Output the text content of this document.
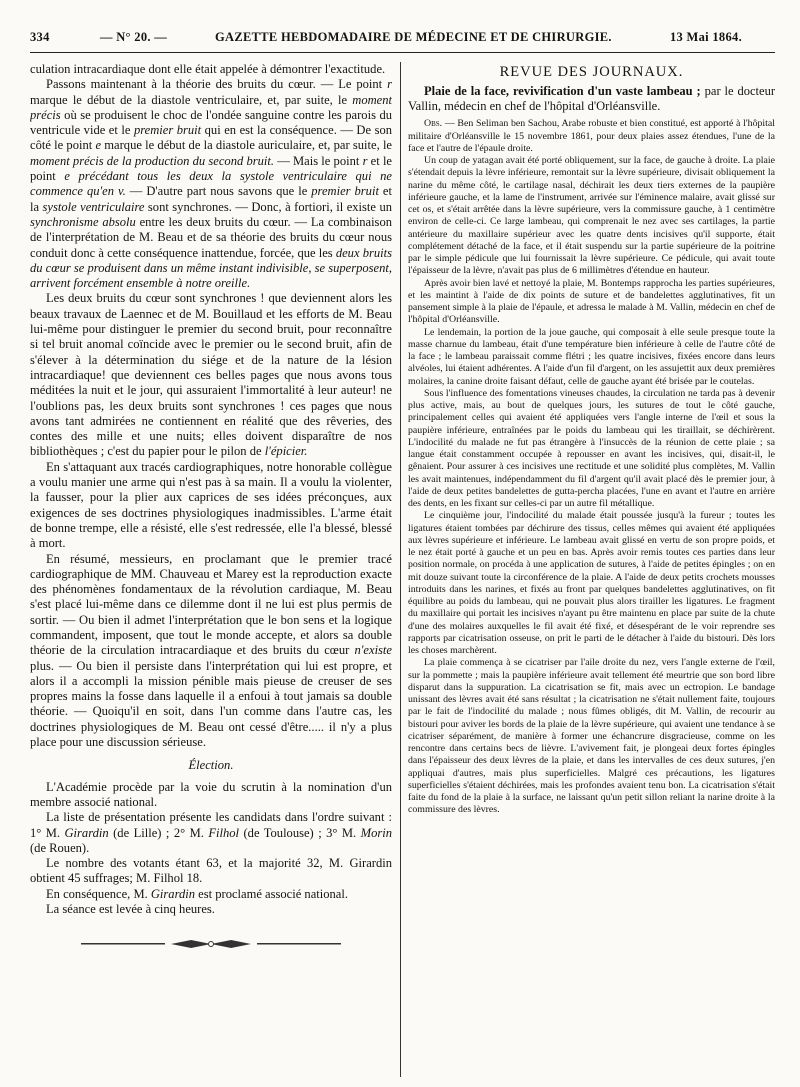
334	— N° 20. —	GAZETTE HEBDOMADAIRE DE MÉDECINE ET DE CHIRURGIE.	13 Mai 1864.

culation intracardiaque dont elle était appelée à démontrer l'exactitude.

Passons maintenant à la théorie des bruits du cœur. — Le point r marque le début de la diastole ventriculaire, et, par suite, le moment précis où se produisent le choc de l'ondée sanguine contre les parois du ventricule vide et le premier bruit qui en est la conséquence. — De son côté le point e marque le début de la diastole auriculaire, et, par suite, le moment précis de la production du second bruit. — Mais le point r et le point e précédant tous les deux la systole ventriculaire qui ne commence qu'en v. — D'autre part nous savons que le premier bruit et la systole ventriculaire sont synchrones. — Donc, à fortiori, il existe un synchronisme absolu entre les deux bruits du cœur. — La combinaison de l'interprétation de M. Beau et de sa théorie des bruits du cœur nous conduit donc à cette conséquence inattendue, forcée, que les deux bruits du cœur se produisent dans un même instant indivisible, se superposent, arrivent forcément ensemble à notre oreille.

Les deux bruits du cœur sont synchrones ! que deviennent alors les beaux travaux de Laennec et de M. Bouillaud et les efforts de M. Beau lui-même pour distinguer le premier du second bruit, pour reconnaître si tel bruit anomal coïncide avec le premier ou le second bruit, afin de s'élever à la détermination du siége et de la nature de la lésion intracardiaque! que deviennent ces belles pages que nous avons tous méditées la nuit et le jour, qui assuraient l'immortalité à leur auteur! ne l'oublions pas, les deux bruits sont synchrones ! ces pages que nous avons tant admirées ne contiennent en réalité que des rêveries, des contes des mille et une nuits; elles doivent disparaître de nos bibliothèques ; c'est du papier pour le pilon de l'épicier.

En s'attaquant aux tracés cardiographiques, notre honorable collègue a voulu manier une arme qui n'est pas à sa main. Il a voulu la violenter, la fausser, pour la plier aux caprices de ses idées préconçues, aux exigences de ses doctrines physiologiques inadmissibles. L'arme était de bonne trempe, elle a résisté, elle s'est redressée, elle l'a blessé, blessé à mort.

En résumé, messieurs, en proclamant que le premier tracé cardiographique de MM. Chauveau et Marey est la reproduction exacte des phénomènes fondamentaux de la révolution cardiaque, M. Beau s'est placé lui-même dans ce dilemme dont il ne lui est plus permis de sortir. — Ou bien il admet l'interprétation que le bon sens et la logique commandent, imposent, que tout le monde accepte, et alors sa double théorie de la circulation intracardiaque et des bruits du cœur n'existe plus. — Ou bien il persiste dans l'interprétation qui lui est propre, et alors il a accompli la mission pénible mais pieuse de creuser de ses propres mains la fosse dans laquelle il a enfoui à tout jamais sa double théorie. — Quoiqu'il en soit, dans l'un comme dans l'autre cas, les doctrines physiologiques de M. Beau ont cessé d'être..... il n'y a plus place pour une discussion sérieuse.

Élection.

L'Académie procède par la voie du scrutin à la nomination d'un membre associé national.

La liste de présentation présente les candidats dans l'ordre suivant : 1° M. Girardin (de Lille) ; 2° M. Filhol (de Toulouse) ; 3° M. Morin (de Rouen).

Le nombre des votants étant 63, et la majorité 32, M. Girardin obtient 45 suffrages; M. Filhol 18.

En conséquence, M. Girardin est proclamé associé national.

La séance est levée à cinq heures.

REVUE DES JOURNAUX.

Plaie de la face, revivification d'un vaste lambeau ; par le docteur Vallin, médecin en chef de l'hôpital d'Orléansville.

Obs. — Ben Seliman ben Sachou, Arabe robuste et bien constitué, est apporté à l'hôpital militaire d'Orléansville le 15 novembre 1861, pour deux plaies assez étendues, l'une de la face et l'autre de l'épaule droite.

Un coup de yatagan avait été porté obliquement, sur la face, de gauche à droite. La plaie s'étendait depuis la lèvre inférieure, remontait sur la lèvre supérieure, divisait obliquement la narine du même côté, le cartilage nasal, déchirait les deux tiers externes de la paupière inférieure gauche, et la lame de l'instrument, arrivée sur l'éminence malaire, avait glissé sur cet os, et s'était arrêtée dans la lèvre supérieure, vers la commissure gauche, à 1 centimètre environ de celle-ci. Ce large lambeau, qui comprenait le nez avec ses cartilages, la partie antérieure du maxillaire supérieur avec les quatre dents incisives qu'il supporte, était complétement détaché de la face, et il était suspendu sur la partie supérieure de la poitrine par le simple pédicule que lui fournissait la lèvre supérieure. Ce pédicule, qui avait toute l'épaisseur de la lèvre, n'avait pas plus de 6 millimètres d'étendue en hauteur.

Après avoir bien lavé et nettoyé la plaie, M. Bontemps rapprocha les parties supérieures, et les maintint à l'aide de dix points de suture et de bandelettes agglutinatives, fit un pansement simple à la plaie de l'épaule, et adressa le malade à M. Vallin, médecin en chef de l'hôpital d'Orléansville.

Le lendemain, la portion de la joue gauche, qui composait à elle seule presque toute la masse charnue du lambeau, était d'une température bien inférieure à celle de l'autre côté de la face ; le lambeau paraissait comme flétri ; les quatre incisives, fixées encore dans leurs alvéoles, lui étaient adhérentes. A l'aide d'un fil d'argent, on les assujettit aux deux premières molaires, la canine droite faisant défaut, celle de gauche ayant été brisée par le coutelas.

Sous l'influence des fomentations vineuses chaudes, la circulation ne tarda pas à devenir plus active, mais, au bout de quelques jours, les sutures de tout le côté gauche, principalement celles qui avaient été appliquées vers l'angle interne de l'œil et sous la paupière inférieure, entraînées par le poids du lambeau qui les tiraillait, se déchirèrent. L'indocilité du malade ne fut pas étrangère à l'insuccès de la réunion de cette plaie ; sa langue était constamment occupée à repousser en avant les incisives, qui, disait-il, le gênaient. Pour assurer à ces incisives une rectitude et une solidité plus complètes, M. Vallin les avait maintenues, indépendamment du fil d'argent qu'il avait placé dès le premier jour, à l'aide de deux petites bandelettes de gutta-percha placées, l'une en avant et l'autre en arrière des dents, en les fixant sur celles-ci par un autre fil métallique.

Le cinquième jour, l'indocilité du malade était poussée jusqu'à la fureur ; toutes les ligatures étaient tombées par déchirure des tissus, celles mêmes qui avaient été appliquées aux lèvres supérieure et inférieure. Le lambeau avait glissé en vertu de son propre poids, et le nez était porté à gauche et un peu en bas. Après avoir remis toutes ces parties dans leur position normale, on procéda à une application de sutures, à l'aide de petites épingles ; on en mit douze suivant toute la circonférence de la plaie. A l'aide de deux petits crochets mousses introduits dans les narines, et fixés au front par quelques bandelettes agglutinatives, on fit équilibre au poids du lambeau, qui ne pouvait plus alors tirailler les ligatures. Le fragment du maxillaire qui portait les incisives n'ayant pu être maintenu en place par suite de la chute d'une des molaires auxquelles le fil avait été fixé, et désespérant de le voir reprendre ses rapports par cicatrisation osseuse, on prit le parti de le détacher à l'aide du bistouri. Dès lors les choses marchèrent.

La plaie commença à se cicatriser par l'aile droite du nez, vers l'angle externe de l'œil, sur la pommette ; mais la paupière inférieure avait tellement été meurtrie que son bord libre disparut dans la suppuration. La cicatrisation se fit, mais avec un ectropion. Le bandage unissant des lèvres avait été sans résultat ; la cicatrisation ne s'était nullement faite, toujours par le fait de l'indocilité du malade ; nous fûmes obligés, dit M. Vallin, de recourir au bistouri pour aviver les bords de la plaie de la lèvre supérieure, qui avaient une tendance à se cicatriser séparément, de manière à former une échancrure disgracieuse, comme on les rencontre dans certains becs de lièvre. L'avivement fait, je plongeai deux fortes épingles dans l'épaisseur des deux lèvres de la plaie, et dans les intervalles de ces deux sutures, j'en appliquai d'autres, mais plus superficielles. Malgré ces précautions, les ligatures superficielles s'étaient déchirées, mais les profondes avaient tenu bon. La cicatrisation s'était faite du fond de la plaie à la surface, ne laissant qu'un petit sillon reliant la narine droite à la commissure des lèvres.
